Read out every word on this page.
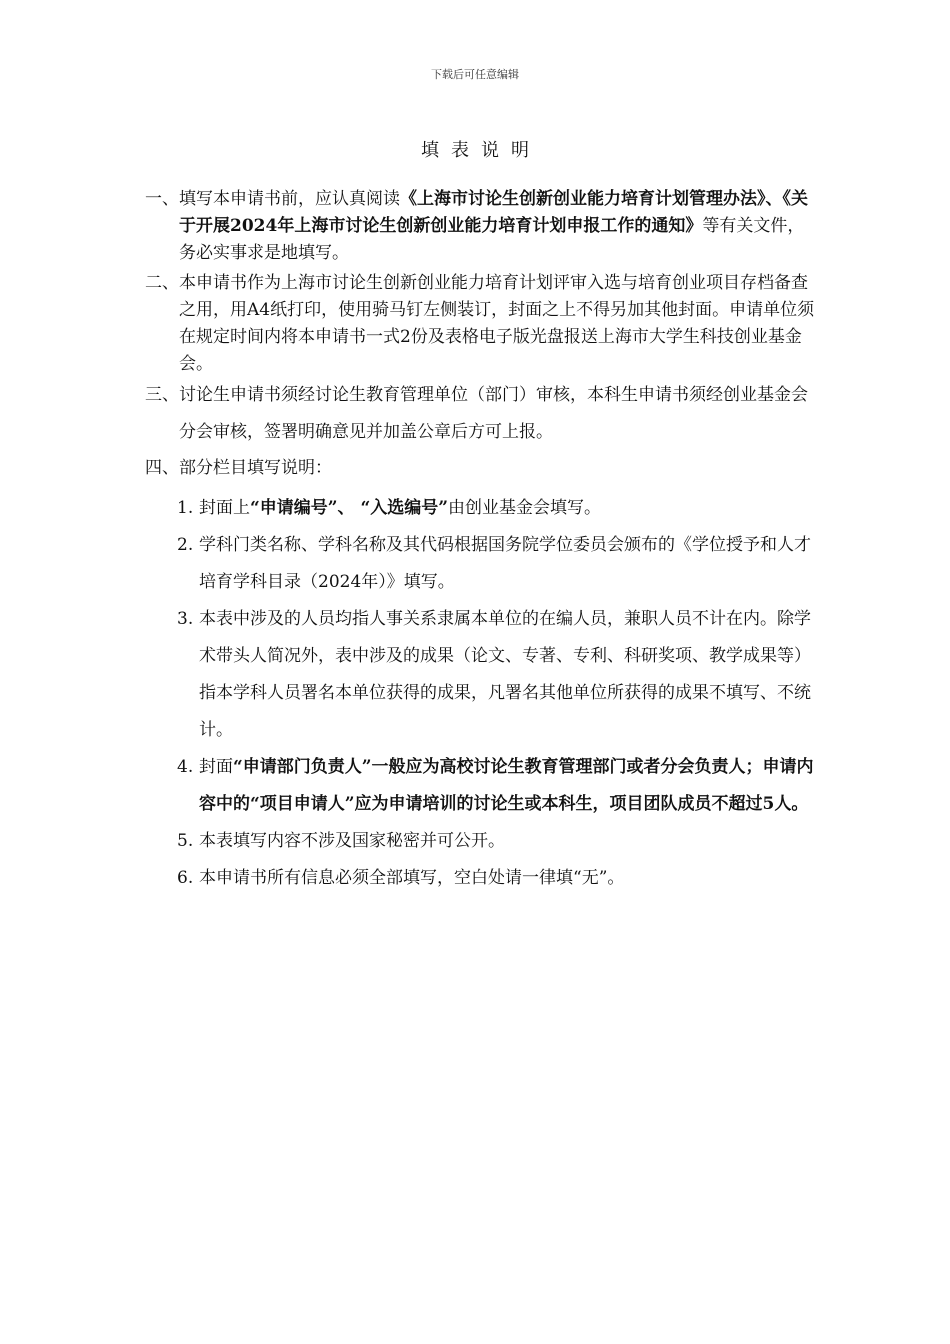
下载后可任意编辑
填表说明
一、 填写本申请书前，应认真阅读《上海市讨论生创新创业能力培育计划管理办法》、《关于开展2024年上海市讨论生创新创业能力培育计划申报工作的通知》等有关文件，务必实事求是地填写。
二、 本申请书作为上海市讨论生创新创业能力培育计划评审入选与培育创业项目存档备查之用，用A4纸打印，使用骑马钉左侧装订，封面之上不得另加其他封面。申请单位须在规定时间内将本申请书一式2份及表格电子版光盘报送上海市大学生科技创业基金会。
三、 讨论生申请书须经讨论生教育管理单位（部门）审核，本科生申请书须经创业基金会分会审核，签署明确意见并加盖公章后方可上报。
四、 部分栏目填写说明：
1. 封面上“申请编号”、 “入选编号”由创业基金会填写。
2. 学科门类名称、学科名称及其代码根据国务院学位委员会颁布的《学位授予和人才培育学科目录（2024年）》填写。
3. 本表中涉及的人员均指人事关系隶属本单位的在编人员，兼职人员不计在内。除学术带头人简况外，表中涉及的成果（论文、专著、专利、科研奖项、教学成果等）指本学科人员署名本单位获得的成果，凡署名其他单位所获得的成果不填写、不统计。
4. 封面“申请部门负责人”一般应为高校讨论生教育管理部门或者分会负责人；申请内容中的“项目申请人”应为申请培训的讨论生或本科生，项目团队成员不超过5人。
5. 本表填写内容不涉及国家秘密并可公开。
6. 本申请书所有信息必须全部填写，空白处请一律填“无”。
